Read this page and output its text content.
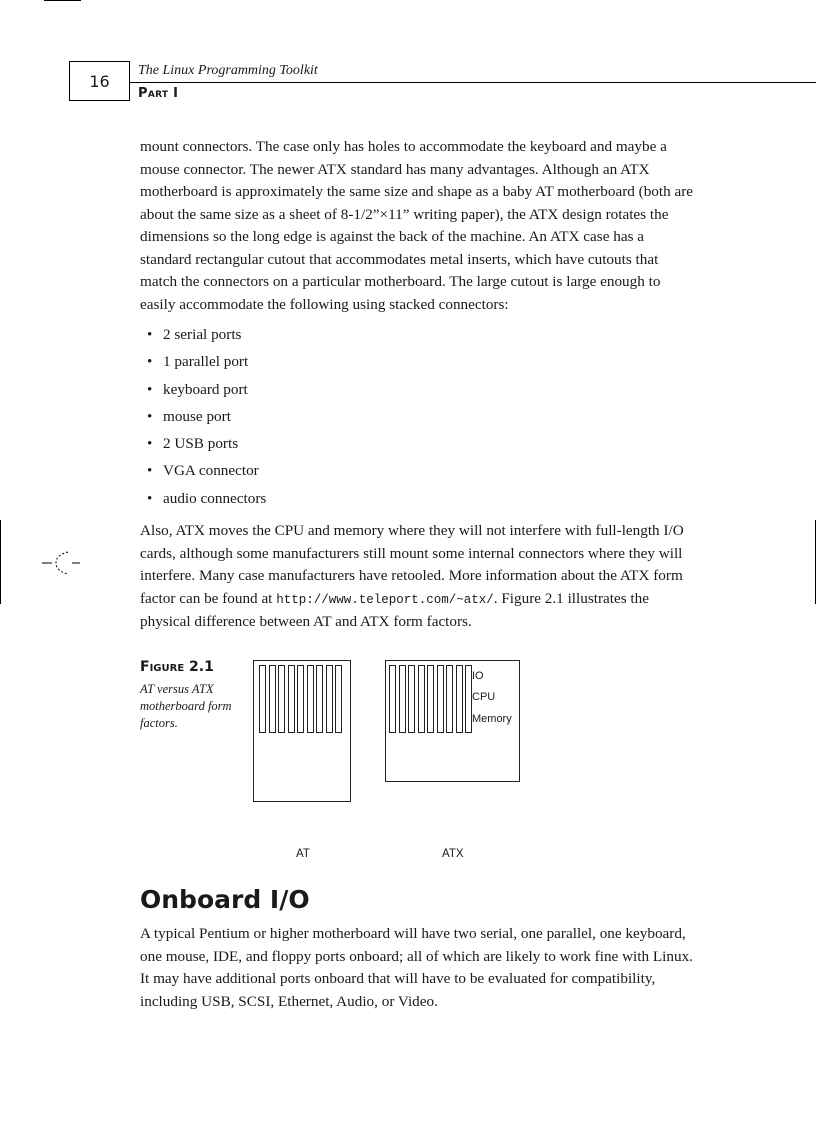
16
The Linux Programming Toolkit
Part I
mount connectors. The case only has holes to accommodate the keyboard and maybe a mouse connector. The newer ATX standard has many advantages. Although an ATX motherboard is approximately the same size and shape as a baby AT motherboard (both are about the same size as a sheet of 8-1/2”×11” writing paper), the ATX design rotates the dimensions so the long edge is against the back of the machine. An ATX case has a standard rectangular cutout that accommodates metal inserts, which have cutouts that match the connectors on a particular motherboard. The large cutout is large enough to easily accommodate the following using stacked connectors:
• 2 serial ports
• 1 parallel port
• keyboard port
• mouse port
• 2 USB ports
• VGA connector
• audio connectors
Also, ATX moves the CPU and memory where they will not interfere with full-length I/O cards, although some manufacturers still mount some internal connectors where they will interfere. Many case manufacturers have retooled. More information about the ATX form factor can be found at http://www.teleport.com/~atx/. Figure 2.1 illustrates the physical difference between AT and ATX form factors.
Figure 2.1
AT versus ATX motherboard form factors.
IO
CPU
Memory
AT	ATX
Onboard I/O
A typical Pentium or higher motherboard will have two serial, one parallel, one keyboard, one mouse, IDE, and floppy ports onboard; all of which are likely to work fine with Linux. It may have additional ports onboard that will have to be evaluated for compatibility, including USB, SCSI, Ethernet, Audio, or Video.
